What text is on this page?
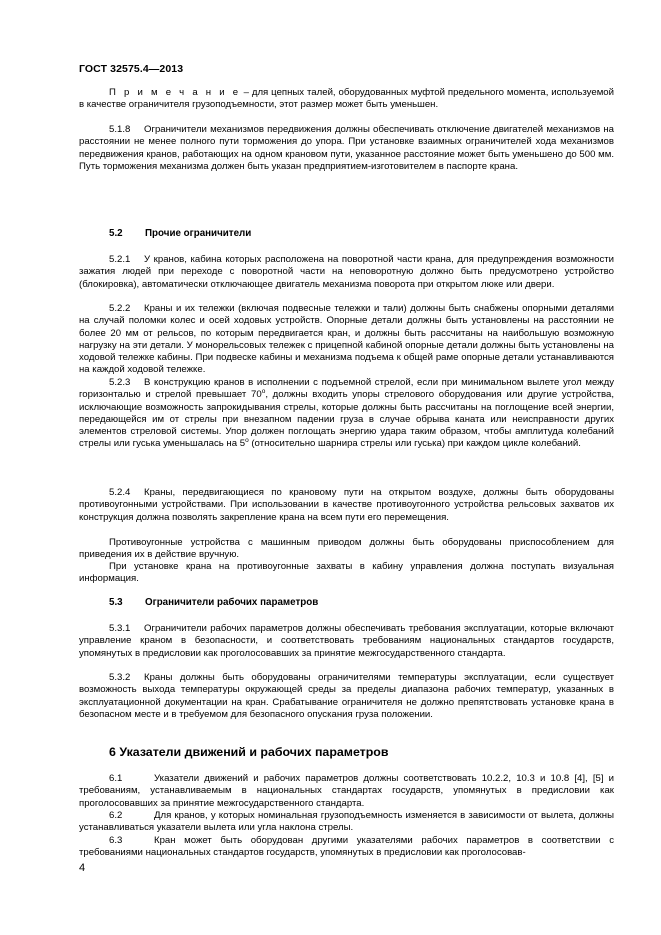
ГОСТ 32575.4—2013

П р и м е ч а н и е – для цепных талей, оборудованных муфтой предельного момента, используемой в качестве ограничителя грузоподъемности, этот размер может быть уменьшен.

5.1.8 Ограничители механизмов передвижения должны обеспечивать отключение двигателей механизмов на расстоянии не менее полного пути торможения до упора. При установке взаимных ограничителей хода механизмов передвижения кранов, работающих на одном крановом пути, указанное расстояние может быть уменьшено до 500 мм. Путь торможения механизма должен быть указан предприятием-изготовителем в паспорте крана.

5.2 Прочие ограничители

5.2.1 У кранов, кабина которых расположена на поворотной части крана, для предупреждения возможности зажатия людей при переходе с поворотной части на неповоротную должно быть предусмотрено устройство (блокировка), автоматически отключающее двигатель механизма поворота при открытом люке или двери.

5.2.2 Краны и их тележки (включая подвесные тележки и тали) должны быть снабжены опорными деталями на случай поломки колес и осей ходовых устройств. Опорные детали должны быть установлены на расстоянии не более 20 мм от рельсов, по которым передвигается кран, и должны быть рассчитаны на наибольшую возможную нагрузку на эти детали. У монорельсовых тележек с прицепной кабиной опорные детали должны быть установлены на ходовой тележке кабины. При подвеске кабины и механизма подъема к общей раме опорные детали устанавливаются на каждой ходовой тележке.

5.2.3 В конструкцию кранов в исполнении с подъемной стрелой, если при минимальном вылете угол между горизонталью и стрелой превышает $70^о$, должны входить упоры стрелового оборудования или другие устройства, исключающие возможность запрокидывания стрелы, которые должны быть рассчитаны на поглощение всей энергии, передающейся им от стрелы при внезапном падении груза в случае обрыва каната или неисправности других элементов стреловой системы. Упор должен поглощать энергию удара таким образом, чтобы амплитуда колебаний стрелы или гуська уменьшалась на $5^о$ (относительно шарнира стрелы или гуська) при каждом цикле колебаний.

5.2.4 Краны, передвигающиеся по крановому пути на открытом воздухе, должны быть оборудованы противоугонными устройствами. При использовании в качестве противоугонного устройства рельсовых захватов их конструкция должна позволять закрепление крана на всем пути его перемещения.

Противоугонные устройства с машинным приводом должны быть оборудованы приспособлением для приведения их в действие вручную.

При установке крана на противоугонные захваты в кабину управления должна поступать визуальная информация.

5.3 Ограничители рабочих параметров

5.3.1 Ограничители рабочих параметров должны обеспечивать требования эксплуатации, которые включают управление краном в безопасности, и соответствовать требованиям национальных стандартов государств, упомянутых в предисловии как проголосовавших за принятие межгосударственного стандарта.

5.3.2 Краны должны быть оборудованы ограничителями температуры эксплуатации, если существует возможность выхода температуры окружающей среды за пределы диапазона рабочих температур, указанных в эксплуатационной документации на кран. Срабатывание ограничителя не должно препятствовать установке крана в безопасном месте и в требуемом для безопасного опускания груза положении.

6 Указатели движений и рабочих параметров

6.1	Указатели движений и рабочих параметров должны соответствовать 10.2.2, 10.3 и 10.8 [4], [5] и требованиям, устанавливаемым в национальных стандартах государств, упомянутых в предисловии как проголосовавших за принятие межгосударственного стандарта.

6.2	Для кранов, у которых номинальная грузоподъемность изменяется в зависимости от вылета, должны устанавливаться указатели вылета или угла наклона стрелы.

6.3	Кран может быть оборудован другими указателями рабочих параметров в соответствии с требованиями национальных стандартов государств, упомянутых в предисловии как проголосовав-

4
